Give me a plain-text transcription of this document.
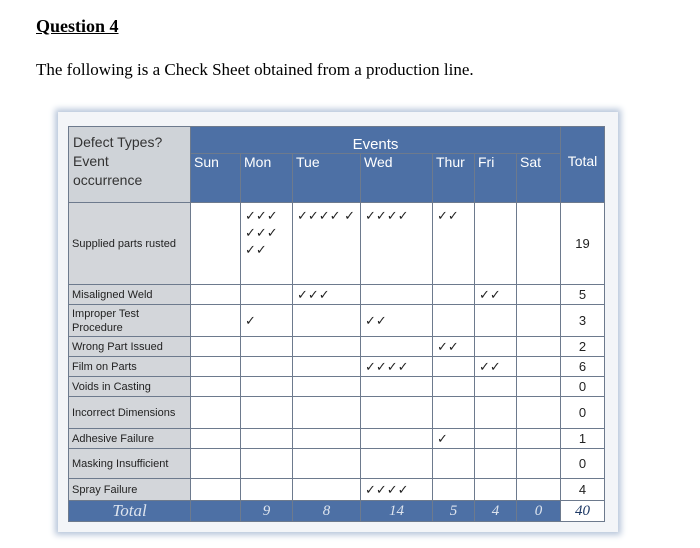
Question 4
The following is a Check Sheet obtained from a production line.
Defect Types?
Event
occurrence	Events							Total
	Sun	Mon	Tue	Wed	Thur	Fri	Sat	
Supplied parts rusted		✓✓✓ ✓✓✓ ✓✓	✓✓✓✓ ✓	✓✓✓✓	✓✓			19
Misaligned Weld			✓✓✓			✓✓		5
Improper Test Procedure		✓		✓✓				3
Wrong Part Issued					✓✓			2
Film on Parts				✓✓✓✓		✓✓		6
Voids in Casting								0
Incorrect Dimensions								0
Adhesive Failure					✓			1
Masking Insufficient								0
Spray Failure				✓✓✓✓				4
Total		9	8	14	5	4	0	40
